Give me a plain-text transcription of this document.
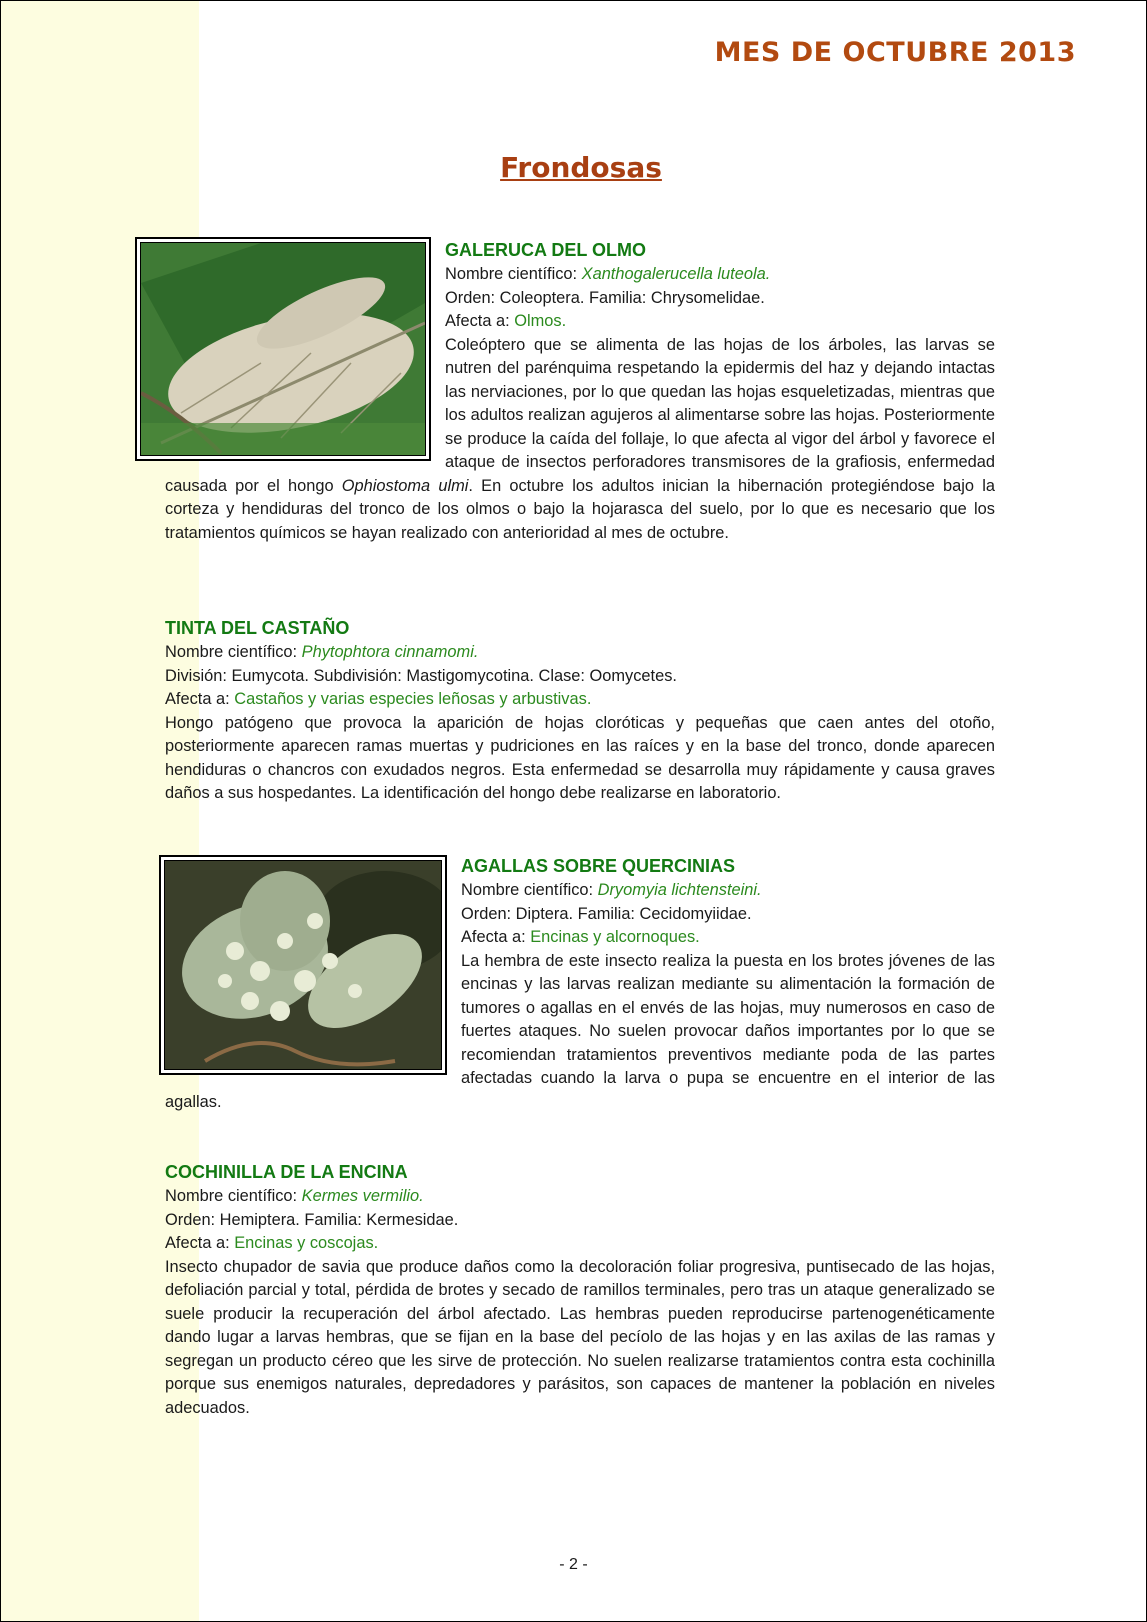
MES DE OCTUBRE 2013
Frondosas
GALERUCA DEL OLMO
Nombre científico: Xanthogalerucella luteola.
Orden: Coleoptera. Familia: Chrysomelidae.
Afecta a: Olmos.
Coleóptero que se alimenta de las hojas de los árboles, las larvas se nutren del parénquima respetando la epidermis del haz y dejando intactas las nerviaciones, por lo que quedan las hojas esqueletizadas, mientras que los adultos realizan agujeros al alimentarse sobre las hojas. Posteriormente se produce la caída del follaje, lo que afecta al vigor del árbol y favorece el ataque de insectos perforadores transmisores de la grafiosis, enfermedad causada por el hongo Ophiostoma ulmi. En octubre los adultos inician la hibernación protegiéndose bajo la corteza y hendiduras del tronco de los olmos o bajo la hojarasca del suelo, por lo que es necesario que los tratamientos químicos se hayan realizado con anterioridad al mes de octubre.
TINTA DEL CASTAÑO
Nombre científico: Phytophtora cinnamomi.
División: Eumycota. Subdivisión: Mastigomycotina. Clase: Oomycetes.
Afecta a: Castaños y varias especies leñosas y arbustivas.
Hongo patógeno que provoca la aparición de hojas cloróticas y pequeñas que caen antes del otoño, posteriormente aparecen ramas muertas y pudriciones en las raíces y en la base del tronco, donde aparecen hendiduras o chancros con exudados negros. Esta enfermedad se desarrolla muy rápidamente y causa graves daños a sus hospedantes. La identificación del hongo debe realizarse en laboratorio.
AGALLAS SOBRE QUERCINIAS
Nombre científico: Dryomyia lichtensteini.
Orden: Diptera. Familia: Cecidomyiidae.
Afecta a: Encinas y alcornoques.
La hembra de este insecto realiza la puesta en los brotes jóvenes de las encinas y las larvas realizan mediante su alimentación la formación de tumores o agallas en el envés de las hojas, muy numerosos en caso de fuertes ataques. No suelen provocar daños importantes por lo que se recomiendan tratamientos preventivos mediante poda de las partes afectadas cuando la larva o pupa se encuentre en el interior de las agallas.
COCHINILLA DE LA ENCINA
Nombre científico: Kermes vermilio.
Orden: Hemiptera. Familia: Kermesidae.
Afecta a: Encinas y coscojas.
Insecto chupador de savia que produce daños como la decoloración foliar progresiva, puntisecado de las hojas, defoliación parcial y total, pérdida de brotes y secado de ramillos terminales, pero tras un ataque generalizado se suele producir la recuperación del árbol afectado. Las hembras pueden reproducirse partenogenéticamente dando lugar a larvas hembras, que se fijan en la base del pecíolo de las hojas y en las axilas de las ramas y segregan un producto céreo que les sirve de protección. No suelen realizarse tratamientos contra esta cochinilla porque sus enemigos naturales, depredadores y parásitos, son capaces de mantener la población en niveles adecuados.
- 2 -
